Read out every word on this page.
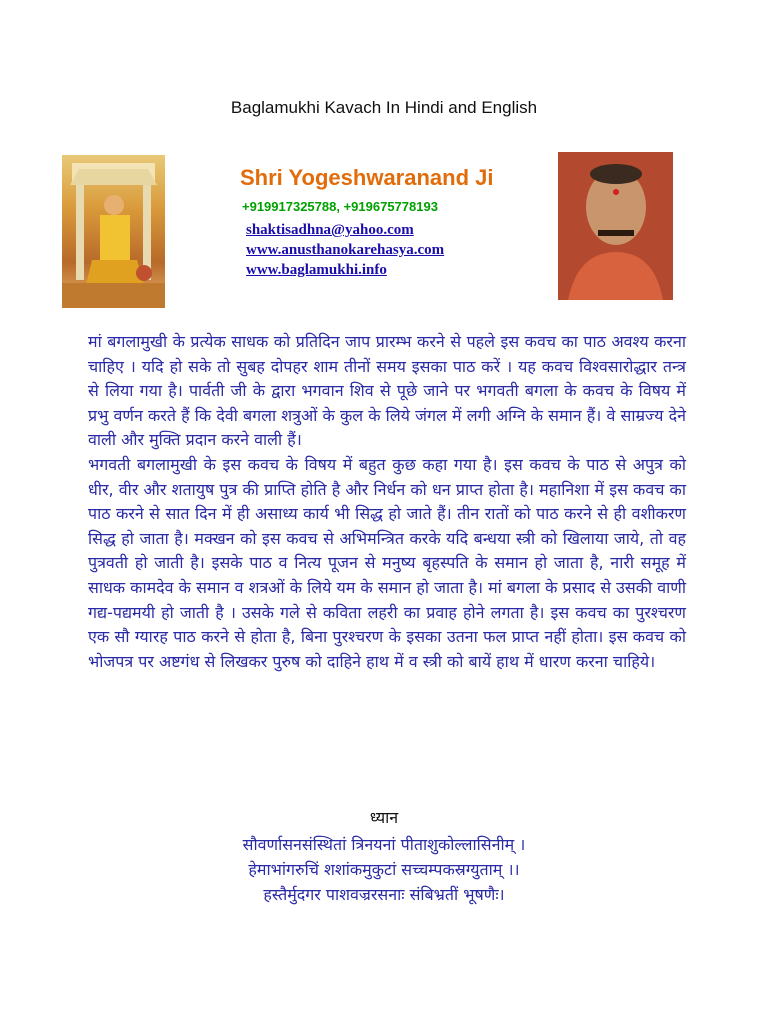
Baglamukhi Kavach In Hindi and English
Shri Yogeshwaranand Ji
+919917325788, +919675778193
shaktisadhna@yahoo.com
www.anusthanokarehasya.com
www.baglamukhi.info

मां बगलामुखी के प्रत्येक साधक को प्रतिदिन जाप प्रारम्भ करने से पहले इस कवच का पाठ अवश्य करना चाहिए । यदि हो सके तो सुबह दोपहर शाम तीनों समय इसका पाठ करें । यह कवच विश्वसारोद्धार तन्त्र से लिया गया है। पार्वती जी के द्वारा भगवान शिव से पूछे जाने पर भगवती बगला के कवच के विषय में प्रभु वर्णन करते हैं कि देवी बगला शत्रुओं के कुल के लिये जंगल में लगी अग्नि के समान हैं। वे साम्रज्य देने वाली और मुक्ति प्रदान करने वाली हैं।

भगवती बगलामुखी के इस कवच के विषय में बहुत कुछ कहा गया है। इस कवच के पाठ से अपुत्र को धीर, वीर और शतायुष पुत्र की प्राप्ति होति है और निर्धन को धन प्राप्त होता है। महानिशा में इस कवच का पाठ करने से सात दिन में ही असाध्य कार्य भी सिद्ध हो जाते हैं। तीन रातों को पाठ करने से ही वशीकरण सिद्ध हो जाता है। मक्खन को इस कवच से अभिमन्त्रित करके यदि बन्धया स्त्री को खिलाया जाये, तो वह पुत्रवती हो जाती है। इसके पाठ व नित्य पूजन से मनुष्य बृहस्पति के समान हो जाता है, नारी समूह में साधक कामदेव के समान व शत्रओं के लिये यम के समान हो जाता है। मां बगला के प्रसाद से उसकी वाणी गद्य-पद्यमयी हो जाती है । उसके गले से कविता लहरी का प्रवाह होने लगता है। इस कवच का पुरश्चरण एक सौ ग्यारह पाठ करने से होता है, बिना पुरश्चरण के इसका उतना फल प्राप्त नहीं होता। इस कवच को भोजपत्र पर अष्टगंध से लिखकर पुरुष को दाहिने हाथ में व स्त्री को बायें हाथ में धारण करना चाहिये।

ध्यान
सौवर्णासनसंस्थितां त्रिनयनां पीताशुकोल्लासिनीम् ।
हेमाभांगरुचिं शशांकमुकुटां सच्चम्पकस्रग्युताम् ।।
हस्तैर्मुदगर पाशवज्ररसनाः संबिभ्रतीं भूषणैः।
